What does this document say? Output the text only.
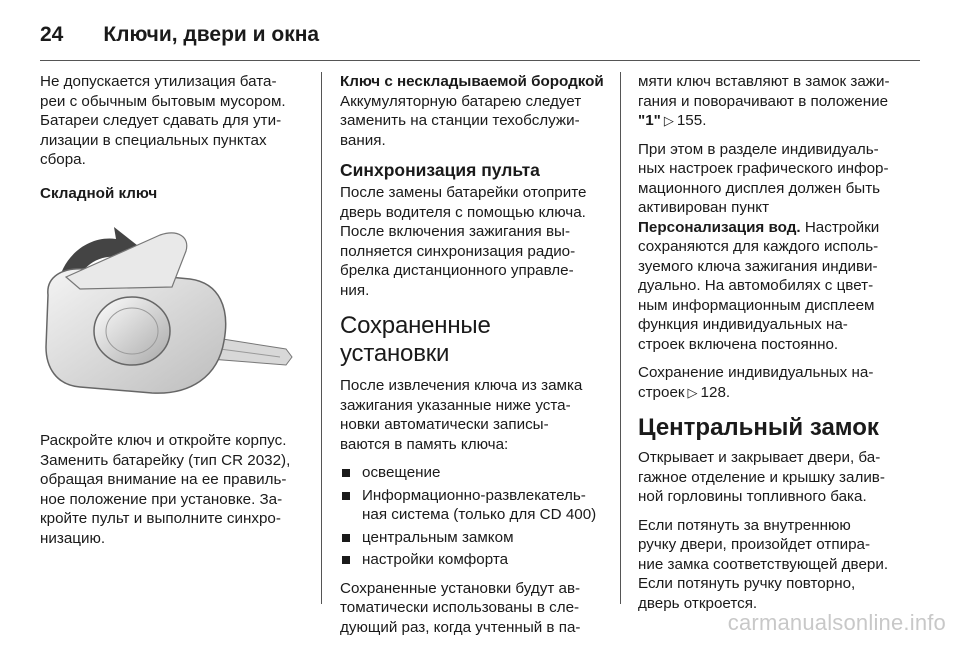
24 Ключи, двери и окна

Не допускается утилизация бата-
реи с обычным бытовым мусором.
Батареи следует сдавать для ути-
лизации в специальных пунктах
сбора.

Складной ключ

Раскройте ключ и откройте корпус.
Заменить батарейку (тип CR 2032),
обращая внимание на ее правиль-
ное положение при установке. За-
кройте пульт и выполните синхро-
низацию.

Ключ с нескладываемой бородкой

Аккумуляторную батарею следует
заменить на станции техобслужи-
вания.

Синхронизация пульта

После замены батарейки отоприте
дверь водителя с помощью ключа.
После включения зажигания вы-
полняется синхронизация радио-
брелка дистанционного управле-
ния.

Сохраненные установки

После извлечения ключа из замка
зажигания указанные ниже уста-
новки автоматически записы-
ваются в память ключа:

освещение
Информационно-развлекатель-
ная система (только для CD 400)
центральным замком
настройки комфорта

Сохраненные установки будут ав-
томатически использованы в сле-
дующий раз, когда учтенный в па-

мяти ключ вставляют в замок зажи-
гания и поворачивают в положение
"1" ▷ 155.

При этом в разделе индивидуаль-
ных настроек графического инфор-
мационного дисплея должен быть
активирован пункт
Персонализация вод. Настройки
сохраняются для каждого исполь-
зуемого ключа зажигания индиви-
дуально. На автомобилях с цвет-
ным информационным дисплеем
функция индивидуальных на-
строек включена постоянно.

Сохранение индивидуальных на-
строек ▷ 128.

Центральный замок

Открывает и закрывает двери, ба-
гажное отделение и крышку залив-
ной горловины топливного бака.

Если потянуть за внутреннюю
ручку двери, произойдет отпира-
ние замка соответствующей двери.
Если потянуть ручку повторно,
дверь откроется.

carmanualsonline.info
